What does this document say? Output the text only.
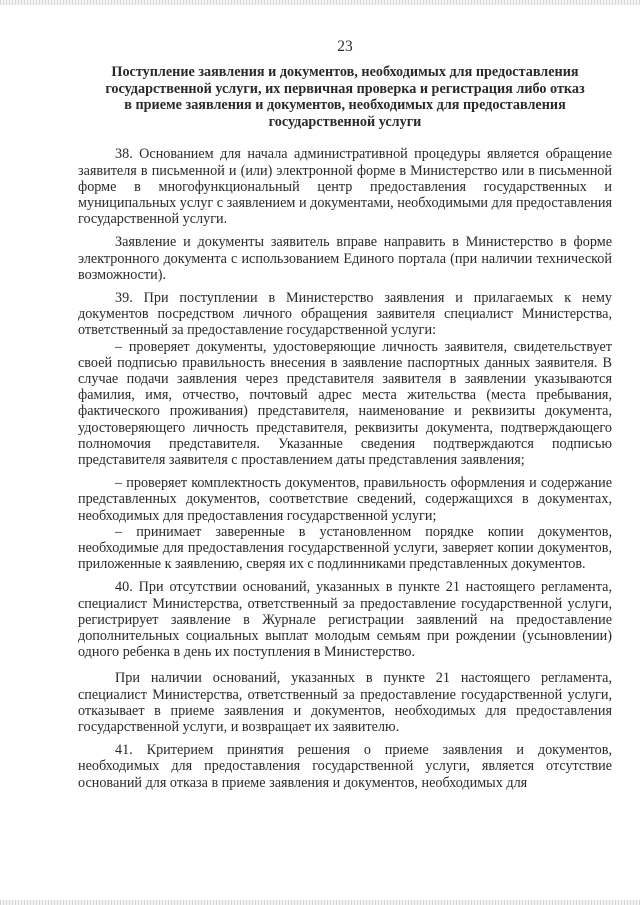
23
Поступление заявления и документов, необходимых для предоставления
государственной услуги, их первичная проверка и регистрация либо отказ
в приеме заявления и документов, необходимых для предоставления
государственной услуги

38. Основанием для начала административной процедуры является обращение заявителя в письменной и (или) электронной форме в Министерство или в письменной форме в многофункциональный центр предоставления государственных и муниципальных услуг с заявлением и документами, необходимыми для предоставления государственной услуги.

Заявление и документы заявитель вправе направить в Министерство в форме электронного документа с использованием Единого портала (при наличии технической возможности).

39. При поступлении в Министерство заявления и прилагаемых к нему документов посредством личного обращения заявителя специалист Министерства, ответственный за предоставление государственной услуги:

– проверяет документы, удостоверяющие личность заявителя, свидетельствует своей подписью правильность внесения в заявление паспортных данных заявителя. В случае подачи заявления через представителя заявителя в заявлении указываются фамилия, имя, отчество, почтовый адрес места жительства (места пребывания, фактического проживания) представителя, наименование и реквизиты документа, удостоверяющего личность представителя, реквизиты документа, подтверждающего полномочия представителя. Указанные сведения подтверждаются подписью представителя заявителя с проставлением даты представления заявления;

– проверяет комплектность документов, правильность оформления и содержание представленных документов, соответствие сведений, содержащихся в документах, необходимых для предоставления государственной услуги;

– принимает заверенные в установленном порядке копии документов, необходимые для предоставления государственной услуги, заверяет копии документов, приложенные к заявлению, сверяя их с подлинниками представленных документов.

40. При отсутствии оснований, указанных в пункте 21 настоящего регламента, специалист Министерства, ответственный за предоставление государственной услуги, регистрирует заявление в Журнале регистрации заявлений на предоставление дополнительных социальных выплат молодым семьям при рождении (усыновлении) одного ребенка в день их поступления в Министерство.

При наличии оснований, указанных в пункте 21 настоящего регламента, специалист Министерства, ответственный за предоставление государственной услуги, отказывает в приеме заявления и документов, необходимых для предоставления государственной услуги, и возвращает их заявителю.

41. Критерием принятия решения о приеме заявления и документов, необходимых для предоставления государственной услуги, является отсутствие оснований для отказа в приеме заявления и документов, необходимых для
